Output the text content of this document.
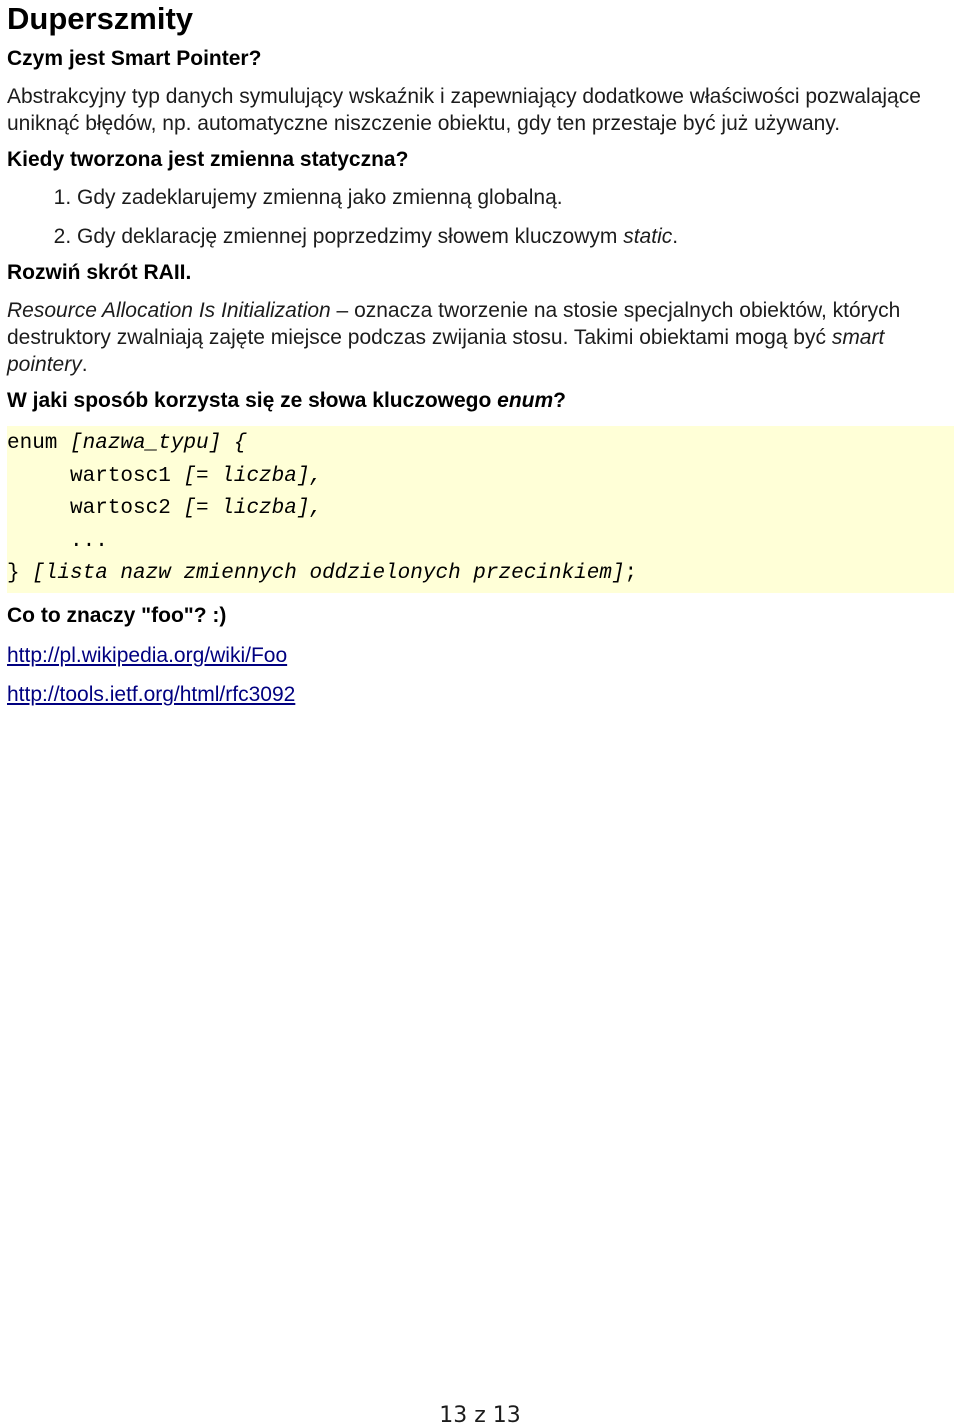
Duperszmity
Czym jest Smart Pointer?
Abstrakcyjny typ danych symulujący wskaźnik i zapewniający dodatkowe właściwości pozwalające uniknąć błędów, np. automatyczne niszczenie obiektu, gdy ten przestaje być już używany.
Kiedy tworzona jest zmienna statyczna?
1. Gdy zadeklarujemy zmienną jako zmienną globalną.
2. Gdy deklarację zmiennej poprzedzimy słowem kluczowym static.
Rozwiń skrót RAII.
Resource Allocation Is Initialization – oznacza tworzenie na stosie specjalnych obiektów, których destruktory zwalniają zajęte miejsce podczas zwijania stosu. Takimi obiektami mogą być smart pointery.
W jaki sposób korzysta się ze słowa kluczowego enum?
enum [nazwa_typu] {
wartosc1 [= liczba],
wartosc2 [= liczba],
...
} [lista nazw zmiennych oddzielonych przecinkiem];
Co to znaczy "foo"? :)
http://pl.wikipedia.org/wiki/Foo
http://tools.ietf.org/html/rfc3092
13 z 13
